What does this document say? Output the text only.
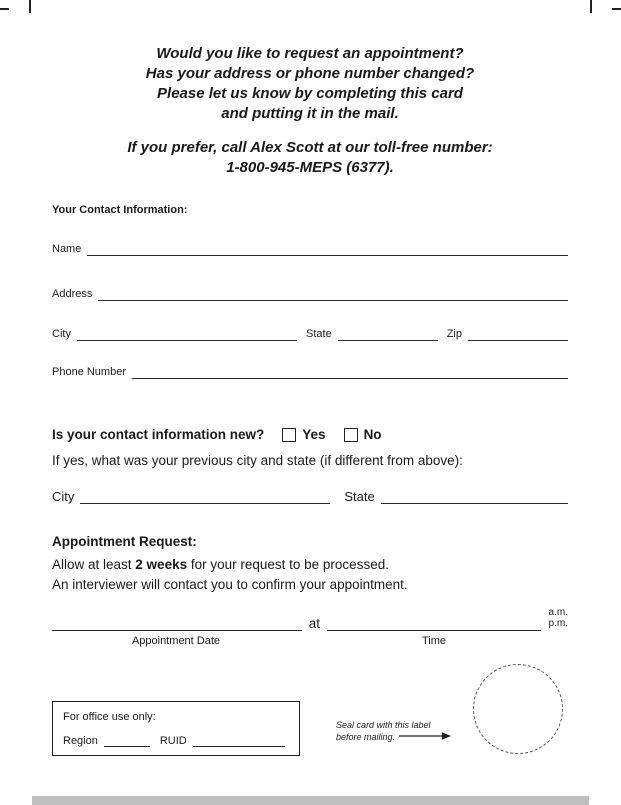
Would you like to request an appointment?
Has your address or phone number changed?
Please let us know by completing this card
and putting it in the mail.
If you prefer, call Alex Scott at our toll-free number:
1-800-945-MEPS (6377).
Your Contact Information:
Name
Address
City	State	Zip
Phone Number
Is your contact information new?	Yes	No
If yes, what was your previous city and state (if different from above):
City	State
Appointment Request:
Allow at least 2 weeks for your request to be processed.
An interviewer will contact you to confirm your appointment.
at
a.m.
p.m.
Appointment Date	Time
For office use only:
Region	RUID
Seal card with this label
before mailing.
